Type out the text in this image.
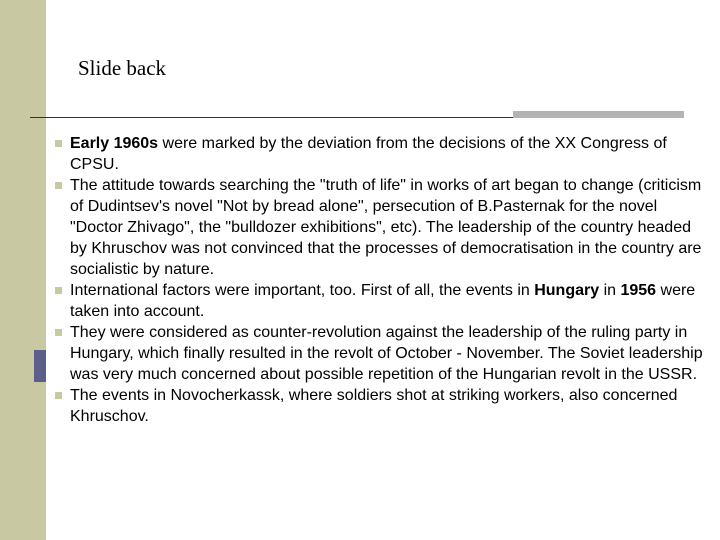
Slide back
Early 1960s were marked by the deviation from the decisions of the XX Congress of CPSU.
The attitude towards searching the "truth of life" in works of art began to change (criticism of Dudintsev's novel "Not by bread alone", persecution of B.Pasternak for the novel "Doctor Zhivago", the "bulldozer exhibitions", etc). The leadership of the country headed by Khruschov was not convinced that the processes of democratisation in the country are socialistic by nature.
International factors were important, too. First of all, the events in Hungary in 1956 were taken into account.
They were considered as counter-revolution against the leadership of the ruling party in Hungary, which finally resulted in the revolt of October - November. The Soviet leadership was very much concerned about possible repetition of the Hungarian revolt in the USSR.
The events in Novocherkassk, where soldiers shot at striking workers, also concerned Khruschov.
